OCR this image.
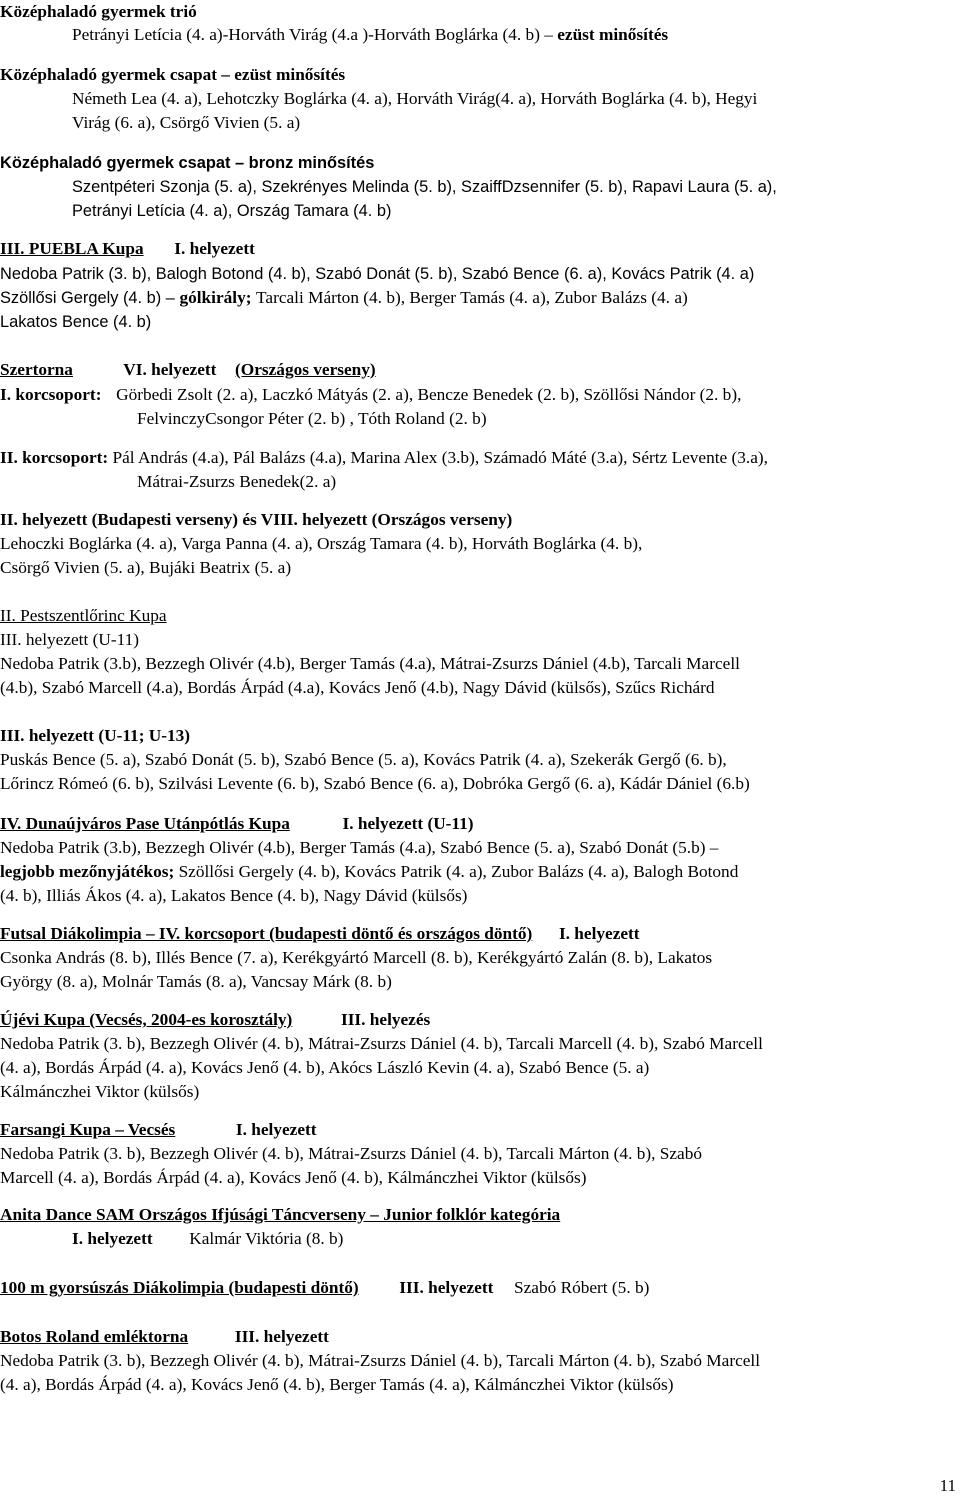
Középhaladó gyermek trió
Petrányi Letícia (4. a)-Horváth Virág (4.a )-Horváth Boglárka (4. b) – ezüst minősítés
Középhaladó gyermek csapat – ezüst minősítés
Németh Lea (4. a), Lehotczky Boglárka (4. a), Horváth Virág(4. a), Horváth Boglárka (4. b), Hegyi
Virág (6. a), Csörgő Vivien (5. a)
Középhaladó gyermek csapat – bronz minősítés
Szentpéteri Szonja (5. a), Szekrényes Melinda (5. b), SzaiffDzsennifer (5. b), Rapavi Laura (5. a),
Petrányi Letícia (4. a), Ország Tamara (4. b)
III. PUEBLA Kupa I. helyezett
Nedoba Patrik (3. b), Balogh Botond (4. b), Szabó Donát (5. b), Szabó Bence (6. a), Kovács Patrik (4. a)
Szöllősi Gergely (4. b) – gólkirály; Tarcali Márton (4. b), Berger Tamás (4. a), Zubor Balázs (4. a)
Lakatos Bence (4. b)
Szertorna	VI. helyezett (Országos verseny)
I. korcsoport: Görbedi Zsolt (2. a), Laczkó Mátyás (2. a), Bencze Benedek (2. b), Szöllősi Nándor (2. b),
FelvinczyCsongor Péter (2. b) , Tóth Roland (2. b)
II. korcsoport: Pál András (4.a), Pál Balázs (4.a), Marina Alex (3.b), Számadó Máté (3.a), Sértz Levente (3.a),
Mátrai-Zsurzs Benedek(2. a)
II. helyezett (Budapesti verseny) és VIII. helyezett (Országos verseny)
Lehoczki Boglárka (4. a), Varga Panna (4. a), Ország Tamara (4. b), Horváth Boglárka (4. b),
Csörgő Vivien (5. a), Bujáki Beatrix (5. a)
II. Pestszentlőrinc Kupa
III. helyezett (U-11)
Nedoba Patrik (3.b), Bezzegh Olivér (4.b), Berger Tamás (4.a), Mátrai-Zsurzs Dániel (4.b), Tarcali Marcell
(4.b), Szabó Marcell (4.a), Bordás Árpád (4.a), Kovács Jenő (4.b), Nagy Dávid (külsős), Szűcs Richárd
III. helyezett (U-11; U-13)
Puskás Bence (5. a), Szabó Donát (5. b), Szabó Bence (5. a), Kovács Patrik (4. a), Szekerák Gergő (6. b),
Lőrincz Rómeó (6. b), Szilvási Levente (6. b), Szabó Bence (6. a), Dobróka Gergő (6. a), Kádár Dániel (6.b)
IV. Dunaújváros Pase Utánpótlás Kupa	I. helyezett (U-11)
Nedoba Patrik (3.b), Bezzegh Olivér (4.b), Berger Tamás (4.a), Szabó Bence (5. a), Szabó Donát (5.b) –
legjobb mezőnyjátékos; Szöllősi Gergely (4. b), Kovács Patrik (4. a), Zubor Balázs (4. a), Balogh Botond
(4. b), Illiás Ákos (4. a), Lakatos Bence (4. b), Nagy Dávid (külsős)
Futsal Diákolimpia – IV. korcsoport (budapesti döntő és országos döntő) I. helyezett
Csonka András (8. b), Illés Bence (7. a), Kerékgyártó Marcell (8. b), Kerékgyártó Zalán (8. b), Lakatos
György (8. a), Molnár Tamás (8. a), Vancsay Márk (8. b)
Újévi Kupa (Vecsés, 2004-es korosztály)	III. helyezés
Nedoba Patrik (3. b), Bezzegh Olivér (4. b), Mátrai-Zsurzs Dániel (4. b), Tarcali Marcell (4. b), Szabó Marcell
(4. a), Bordás Árpád (4. a), Kovács Jenő (4. b), Akócs László Kevin (4. a), Szabó Bence (5. a)
Kálmánczhei Viktor (külsős)
Farsangi Kupa – Vecsés	I. helyezett
Nedoba Patrik (3. b), Bezzegh Olivér (4. b), Mátrai-Zsurzs Dániel (4. b), Tarcali Márton (4. b), Szabó
Marcell (4. a), Bordás Árpád (4. a), Kovács Jenő (4. b), Kálmánczhei Viktor (külsős)
Anita Dance SAM Országos Ifjúsági Táncverseny – Junior folklór kategória
I. helyezett Kalmár Viktória (8. b)
100 m gyorsúszás Diákolimpia (budapesti döntő) III. helyezett Szabó Róbert (5. b)
Botos Roland emléktorna	III. helyezett
Nedoba Patrik (3. b), Bezzegh Olivér (4. b), Mátrai-Zsurzs Dániel (4. b), Tarcali Márton (4. b), Szabó Marcell
(4. a), Bordás Árpád (4. a), Kovács Jenő (4. b), Berger Tamás (4. a), Kálmánczhei Viktor (külsős)
11
